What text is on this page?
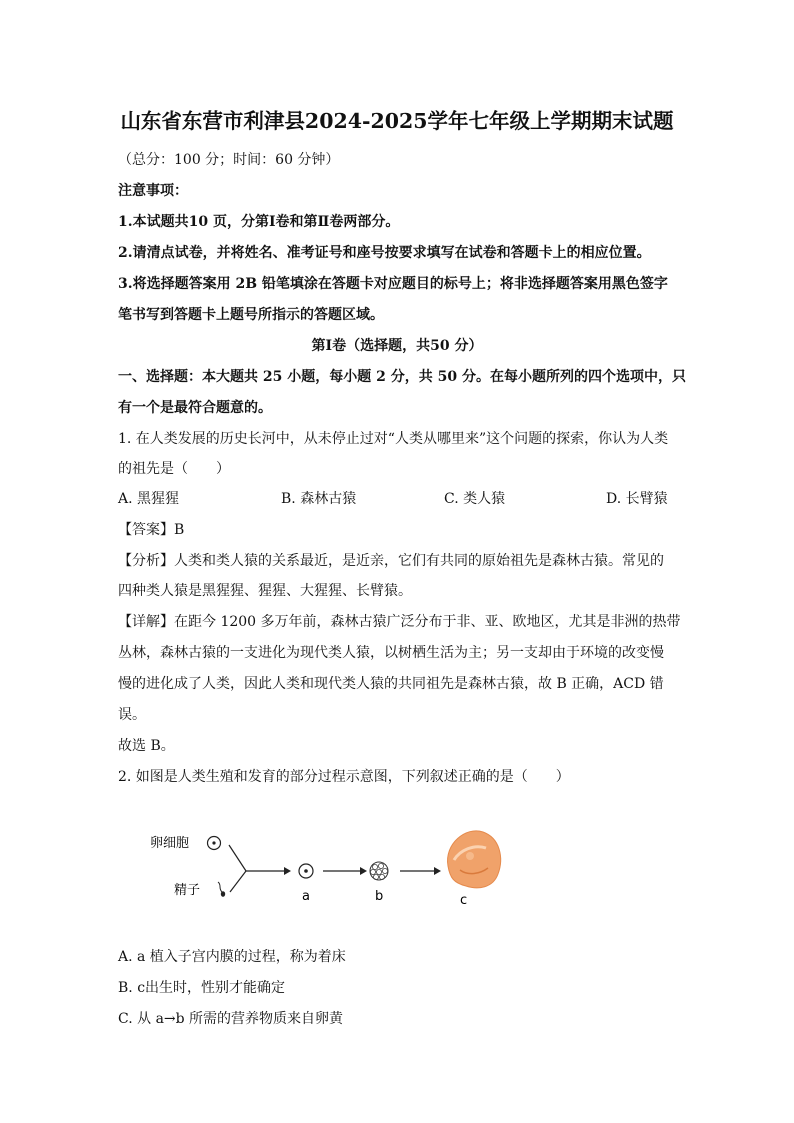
山东省东营市利津县2024-2025学年七年级上学期期末试题
（总分：100 分；时间：60 分钟）
注意事项：
1.本试题共10 页，分第Ⅰ卷和第Ⅱ卷两部分。
2.请清点试卷，并将姓名、准考证号和座号按要求填写在试卷和答题卡上的相应位置。
3.将选择题答案用 2B 铅笔填涂在答题卡对应题目的标号上；将非选择题答案用黑色签字
笔书写到答题卡上题号所指示的答题区域。
第Ⅰ卷（选择题，共50 分）
一、选择题：本大题共 25 小题，每小题 2 分，共 50 分。在每小题所列的四个选项中，只
有一个是最符合题意的。
1. 在人类发展的历史长河中，从未停止过对“人类从哪里来”这个问题的探索，你认为人类
的祖先是（　　）
A. 黑猩猩	B. 森林古猿	C. 类人猿	D. 长臂猿
【答案】B
【分析】人类和类人猿的关系最近，是近亲，它们有共同的原始祖先是森林古猿。常见的
四种类人猿是黑猩猩、猩猩、大猩猩、长臂猿。
【详解】在距今 1200 多万年前，森林古猿广泛分布于非、亚、欧地区，尤其是非洲的热带
丛林，森林古猿的一支进化为现代类人猿，以树栖生活为主；另一支却由于环境的改变慢
慢的进化成了人类，因此人类和现代类人猿的共同祖先是森林古猿，故 B 正确，ACD 错
误。
故选 B。
2. 如图是人类生殖和发育的部分过程示意图，下列叙述正确的是（　　）
卵细胞
精子	a	b	c
A. a 植入子宫内膜的过程，称为着床
B. c出生时，性别才能确定
C. 从 a→b 所需的营养物质来自卵黄
